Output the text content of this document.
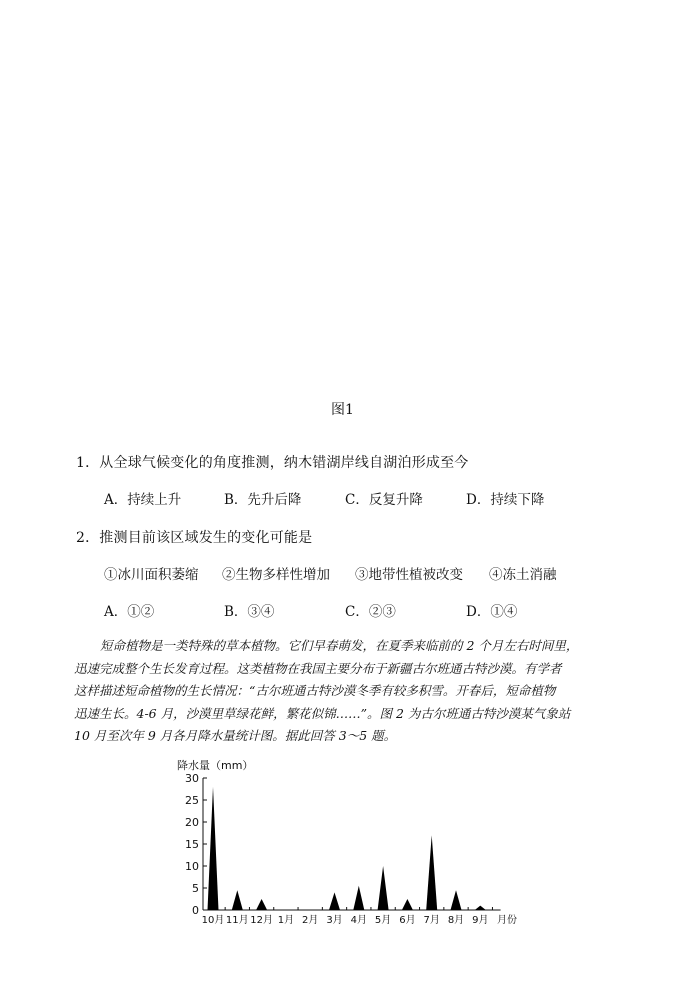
图1
1．从全球气候变化的角度推测，纳木错湖岸线自湖泊形成至今
A．持续上升	B．先升后降	C．反复升降	D．持续下降
2．推测目前该区域发生的变化可能是
①冰川面积萎缩 ②生物多样性增加 ③地带性植被改变 ④冻土消融
A．①②	B．③④	C．②③	D．①④
短命植物是一类特殊的草本植物。它们早春萌发，在夏季来临前的 2 个月左右时间里，
迅速完成整个生长发育过程。这类植物在我国主要分布于新疆古尔班通古特沙漠。有学者
这样描述短命植物的生长情况：“古尔班通古特沙漠冬季有较多积雪。开春后，短命植物
迅速生长。4-6 月，沙漠里草绿花鲜，繁花似锦……”。图 2 为古尔班通古特沙漠某气象站
10 月至次年 9 月各月降水量统计图。据此回答 3～5 题。
0
5
10
15
20
25
30
降水量（mm）
10月 11月 12月 1月 2月 3月 4月 5月 6月 7月 8月 9月 月份
